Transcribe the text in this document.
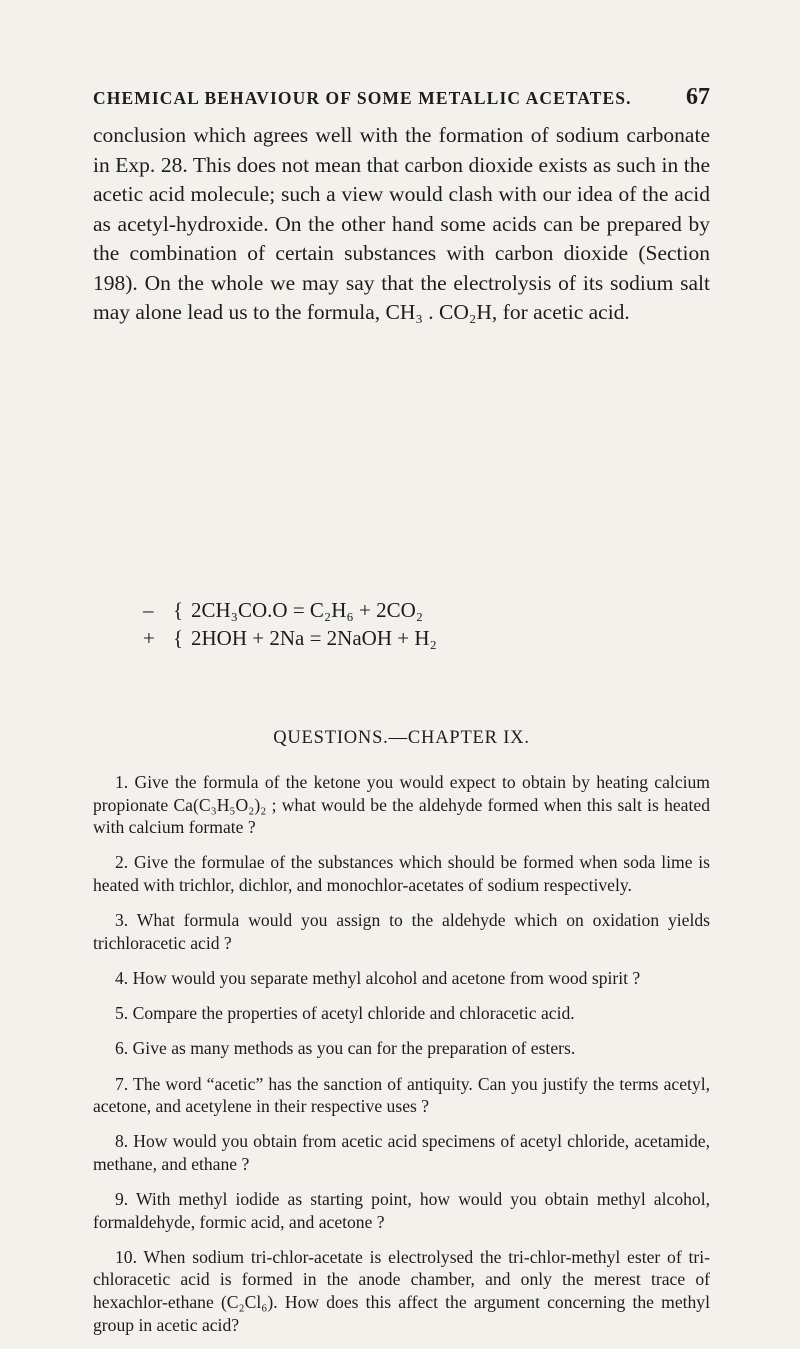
CHEMICAL BEHAVIOUR OF SOME METALLIC ACETATES. 67

conclusion which agrees well with the formation of sodium carbonate in Exp. 28. This does not mean that carbon dioxide exists as such in the acetic acid molecule; such a view would clash with our idea of the acid as acetyl-hydroxide. On the other hand some acids can be prepared by the combination of certain substances with carbon dioxide (Section 198). On the whole we may say that the electrolysis of its sodium salt may alone lead us to the formula, CH₃ . CO₂H, for acetic acid.

– { 2CH₃CO.O = C₂H₆ + 2CO₂
+ { 2HOH + 2Na = 2NaOH + H₂
QUESTIONS.—CHAPTER IX.

1. Give the formula of the ketone you would expect to obtain by heating calcium propionate Ca(C₃H₅O₂)₂ ; what would be the aldehyde formed when this salt is heated with calcium formate ?

2. Give the formulae of the substances which should be formed when soda lime is heated with trichlor, dichlor, and monochlor-acetates of sodium respectively.

3. What formula would you assign to the aldehyde which on oxidation yields trichloracetic acid ?

4. How would you separate methyl alcohol and acetone from wood spirit ?

5. Compare the properties of acetyl chloride and chloracetic acid.

6. Give as many methods as you can for the preparation of esters.

7. The word “acetic” has the sanction of antiquity. Can you justify the terms acetyl, acetone, and acetylene in their respective uses ?

8. How would you obtain from acetic acid specimens of acetyl chloride, acetamide, methane, and ethane ?

9. With methyl iodide as starting point, how would you obtain methyl alcohol, formaldehyde, formic acid, and acetone ?

10. When sodium tri-chlor-acetate is electrolysed the tri-chlor-methyl ester of tri-chloracetic acid is formed in the anode chamber, and only the merest trace of hexachlor-ethane (C₂Cl₆). How does this affect the argument concerning the methyl group in acetic acid?
